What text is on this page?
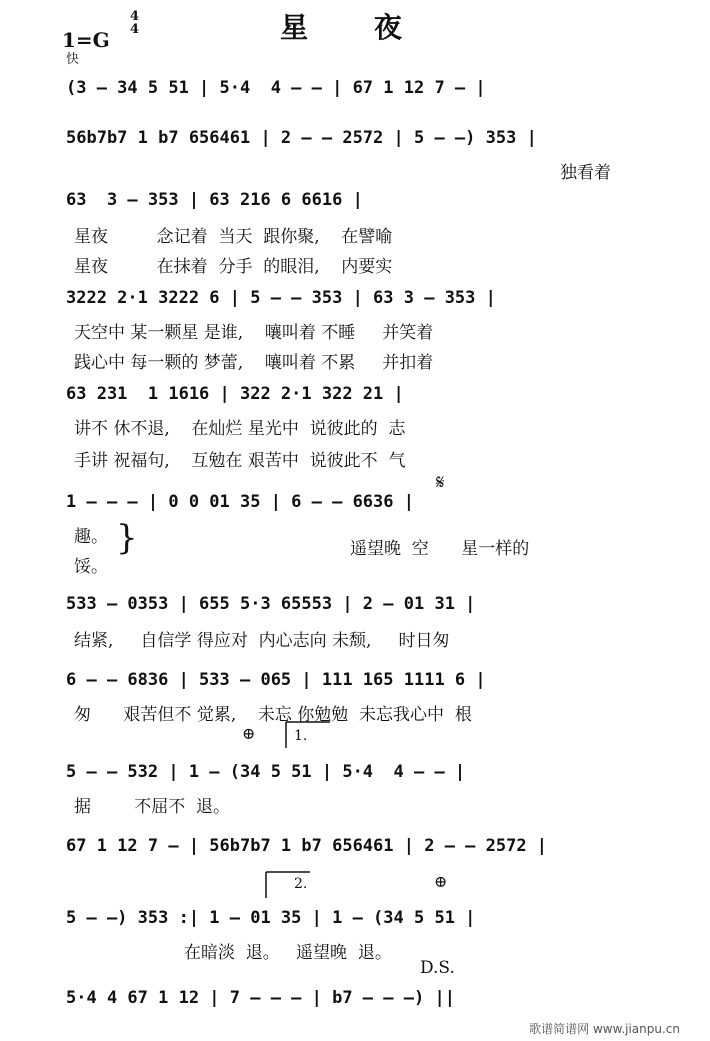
星 夜
1=G
4
4
快
(3 — 34 5 51 | 5·4  4 — — | 67 1 12 7 — |
56b7b7 1 b7 656461 | 2 — — 2572 | 5 — —) 353 |
独看着
63  3 — 353 | 63 216 6 6616 |
星夜         念记着  当天  跟你聚,    在譬喻
星夜         在抹着  分手  的眼泪,    内要实
3222 2·1 3222 6 | 5 — — 353 | 63 3 — 353 |
天空中 某一颗星 是谁,    嚷叫着 不睡     并笑着
践心中 每一颗的 梦蕾,    嚷叫着 不累     并扣着
63 231  1 1616 | 322 2·1 322 21 |
讲不 休不退,    在灿烂 星光中  说彼此的  志
手讲 祝福句,    互勉在 艰苦中  说彼此不  气
1 — — — | 0 0 01 35 | 6 — — 6636 |
趣。
馁。
遥望晚  空      星一样的
𝄋
}
533 — 0353 | 655 5·3 65553 | 2 — 01 31 |
结紧,     自信学 得应对  内心志向 未颓,     时日匆
6 — — 6836 | 533 — 065 | 111 165 1111 6 |
匆      艰苦但不 觉累,    未忘 你勉勉  未忘我心中  根
⊕	1.
5 — — 532 | 1 — (34 5 51 | 5·4  4 — — |
据        不屈不  退。
67 1 12 7 — | 56b7b7 1 b7 656461 | 2 — — 2572 |
2.	⊕
5 — —) 353 :| 1 — 01 35 | 1 — (34 5 51 |
在暗淡  退。   遥望晚  退。
D.S.
5·4 4 67 1 12 | 7 — — — | b7 — — —) ||
歌谱简谱网 www.jianpu.cn
